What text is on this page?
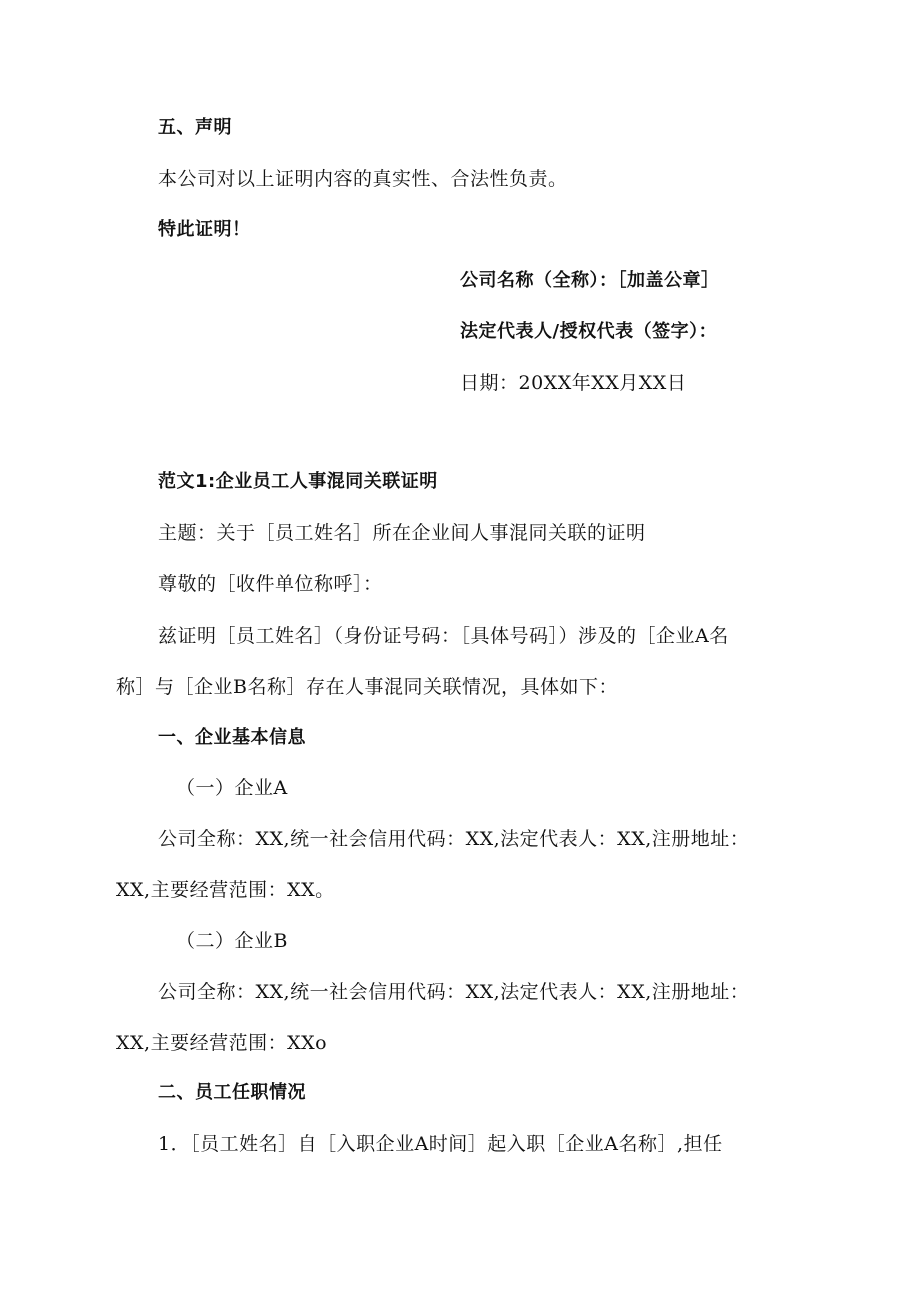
五、声明
本公司对以上证明内容的真实性、合法性负责。
特此证明！
公司名称（全称）：［加盖公章］
法定代表人/授权代表（签字）：
日期：20XX年XX月XX日
范文1:企业员工人事混同关联证明
主题：关于［员工姓名］所在企业间人事混同关联的证明
尊敬的［收件单位称呼］：
兹证明［员工姓名］（身份证号码：［具体号码］）涉及的［企业A名
称］与［企业B名称］存在人事混同关联情况，具体如下：
一、企业基本信息
（一）企业A
公司全称：XX,统一社会信用代码：XX,法定代表人：XX,注册地址：
XX,主要经营范围：XX。
（二）企业B
公司全称：XX,统一社会信用代码：XX,法定代表人：XX,注册地址：
XX,主要经营范围：XXo
二、员工任职情况
1．［员工姓名］自［入职企业A时间］起入职［企业A名称］,担任
